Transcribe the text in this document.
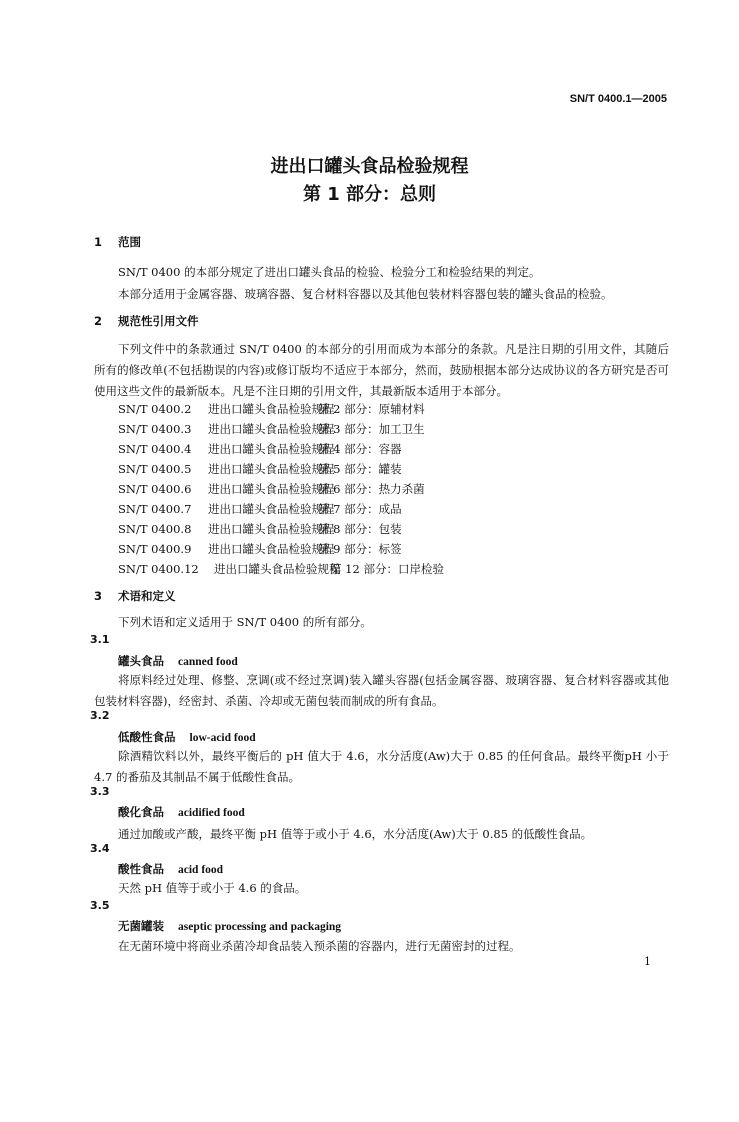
SN/T 0400.1—2005
进出口罐头食品检验规程
第 1 部分：总则
1 范围
SN/T 0400 的本部分规定了进出口罐头食品的检验、检验分工和检验结果的判定。
本部分适用于金属容器、玻璃容器、复合材料容器以及其他包装材料容器包装的罐头食品的检验。
2 规范性引用文件
下列文件中的条款通过 SN/T 0400 的本部分的引用而成为本部分的条款。凡是注日期的引用文件，其随后所有的修改单(不包括勘误的内容)或修订版均不适应于本部分，然而，鼓励根据本部分达成协议的各方研究是否可使用这些文件的最新版本。凡是不注日期的引用文件，其最新版本适用于本部分。
SN/T 0400.2 进出口罐头食品检验规程第 2 部分：原辅材料
SN/T 0400.3 进出口罐头食品检验规程第 3 部分：加工卫生
SN/T 0400.4 进出口罐头食品检验规程第 4 部分：容器
SN/T 0400.5 进出口罐头食品检验规程第 5 部分：罐装
SN/T 0400.6 进出口罐头食品检验规程第 6 部分：热力杀菌
SN/T 0400.7 进出口罐头食品检验规程第 7 部分：成品
SN/T 0400.8 进出口罐头食品检验规程第 8 部分：包装
SN/T 0400.9 进出口罐头食品检验规程第 9 部分：标签
SN/T 0400.12 进出口罐头食品检验规程第 12 部分：口岸检验
3 术语和定义
下列术语和定义适用于 SN/T 0400 的所有部分。
3.1
罐头食品 canned food
将原料经过处理、修整、烹调(或不经过烹调)装入罐头容器(包括金属容器、玻璃容器、复合材料容器或其他包装材料容器)，经密封、杀菌、冷却或无菌包装而制成的所有食品。
3.2
低酸性食品 low-acid food
除酒精饮料以外，最终平衡后的 pH 值大于 4.6，水分活度(Aw)大于 0.85 的任何食品。最终平衡pH 小于 4.7 的番茄及其制品不属于低酸性食品。
3.3
酸化食品 acidified food
通过加酸或产酸，最终平衡 pH 值等于或小于 4.6，水分活度(Aw)大于 0.85 的低酸性食品。
3.4
酸性食品 acid food
天然 pH 值等于或小于 4.6 的食品。
3.5
无菌罐装 aseptic processing and packaging
在无菌环境中将商业杀菌冷却食品装入预杀菌的容器内，进行无菌密封的过程。
1
